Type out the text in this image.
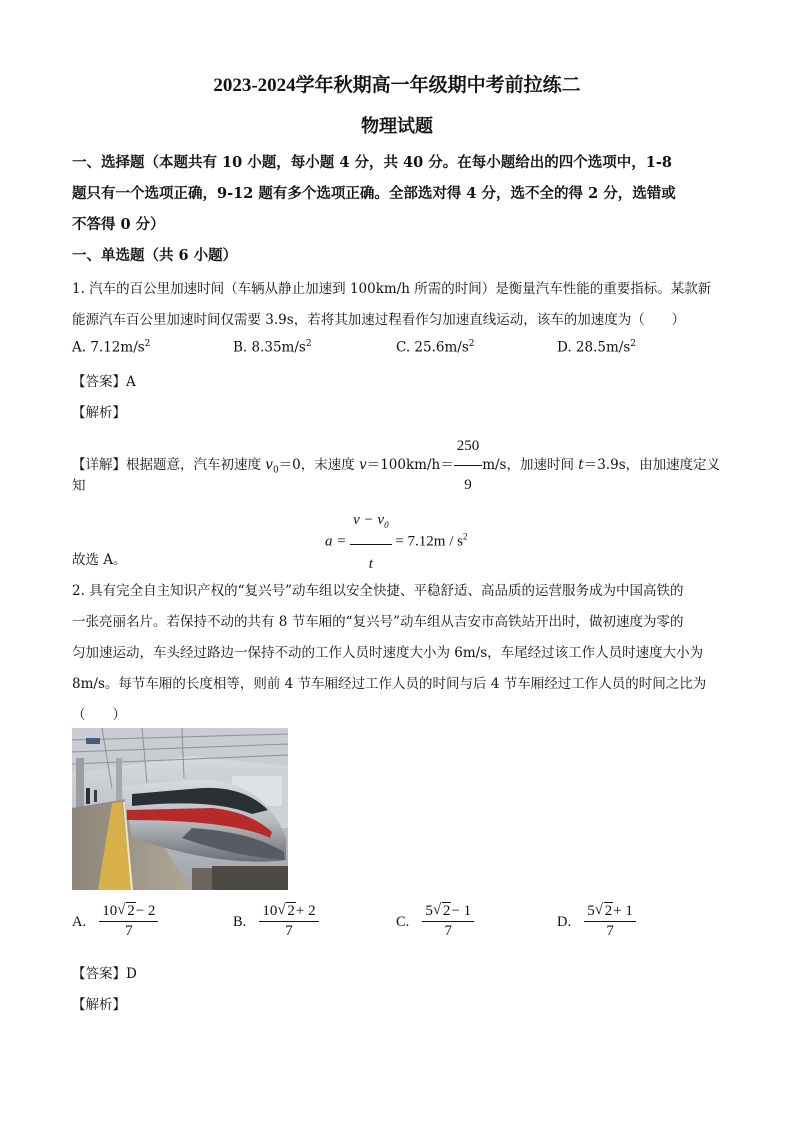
2023-2024学年秋期高一年级期中考前拉练二
物理试题
一、选择题（本题共有 10 小题，每小题 4 分，共 40 分。在每小题给出的四个选项中，1-8
题只有一个选项正确，9-12 题有多个选项正确。全部选对得 4 分，选不全的得 2 分，选错或
不答得 0 分）
一、单选题（共 6 小题）
1. 汽车的百公里加速时间（车辆从静止加速到 100km/h 所需的时间）是衡量汽车性能的重要指标。某款新
能源汽车百公里加速时间仅需要 3.9s，若将其加速过程看作匀加速直线运动，该车的加速度为（　　）
A. $7.12m/s^2$	B. $8.35m/s^2$	C. $25.6m/s^2$	D. $28.5m/s^2$
【答案】A
【解析】
【详解】根据题意，汽车初速度 $v_0=0$，末速度 $v=100km/h= \frac{250}{9} m/s$，加速时间 t＝3.9s，由加速度定义
知
$a = \frac{v - v_0}{t} = 7.12m / s^2$
故选 A。
2. 具有完全自主知识产权的“复兴号”动车组以安全快捷、平稳舒适、高品质的运营服务成为中国高铁的
一张亮丽名片。若保持不动的共有 8 节车厢的“复兴号”动车组从吉安市高铁站开出时，做初速度为零的
匀加速运动，车头经过路边一保持不动的工作人员时速度大小为 6m/s，车尾经过该工作人员时速度大小为
8m/s。每节车厢的长度相等，则前 4 节车厢经过工作人员的时间与后 4 节车厢经过工作人员的时间之比为
（　　）
A. $\frac{10 √ 2- 2}{7}$	B. $\frac{10 √ 2+ 2}{7}$	C. $\frac{5 √ 2- 1}{7}$	D. $\frac{5 √ 2+ 1}{7}$
【答案】D
【解析】
